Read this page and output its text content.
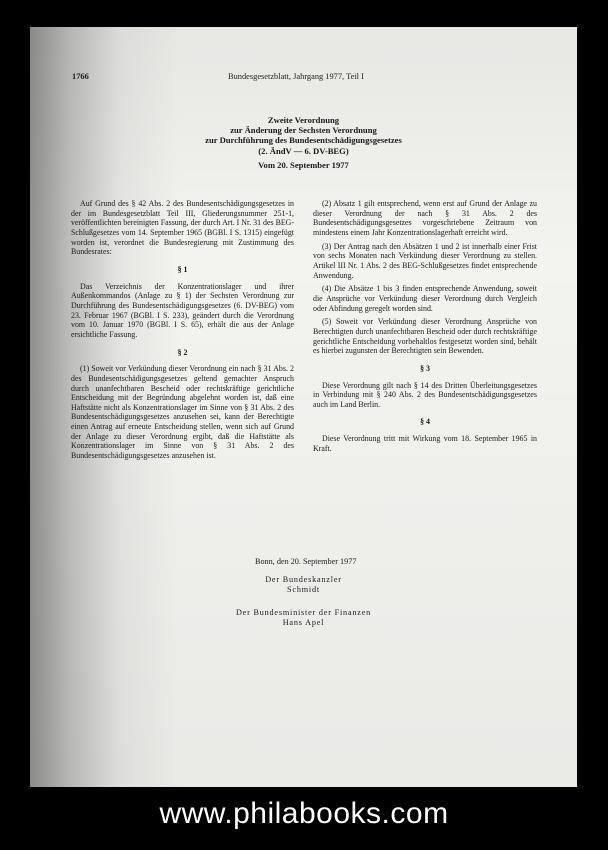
1766	Bundesgesetzblatt, Jahrgang 1977, Teil I
Zweite Verordnung
zur Änderung der Sechsten Verordnung
zur Durchführung des Bundesentschädigungsgesetzes
(2. ÄndV — 6. DV-BEG)
Vom 20. September 1977

Auf Grund des § 42 Abs. 2 des Bundesentschädigungsgesetzes in der im Bundesgesetzblatt Teil III, Gliederungsnummer 251-1, veröffentlichten bereinigten Fassung, der durch Art. I Nr. 31 des BEG-Schlußgesetzes vom 14. September 1965 (BGBl. I S. 1315) eingefügt worden ist, verordnet die Bundesregierung mit Zustimmung des Bundesrates:

§ 1

Das Verzeichnis der Konzentrationslager und ihrer Außenkommandos (Anlage zu § 1) der Sechsten Verordnung zur Durchführung des Bundesentschädigungsgesetzes (6. DV-BEG) vom 23. Februar 1967 (BGBl. I S. 233), geändert durch die Verordnung vom 10. Januar 1970 (BGBl. I S. 65), erhält die aus der Anlage ersichtliche Fassung.

§ 2

(1) Soweit vor Verkündung dieser Verordnung ein nach § 31 Abs. 2 des Bundesentschädigungsgesetzes geltend gemachter Anspruch durch unanfechtbaren Bescheid oder rechtskräftige gerichtliche Entscheidung mit der Begründung abgelehnt worden ist, daß eine Haftstätte nicht als Konzentrationslager im Sinne von § 31 Abs. 2 des Bundesentschädigungsgesetzes anzusehen sei, kann der Berechtigte einen Antrag auf erneute Entscheidung stellen, wenn sich auf Grund der Anlage zu dieser Verordnung ergibt, daß die Haftstätte als Konzentrationslager im Sinne von § 31 Abs. 2 des Bundesentschädigungsgesetzes anzusehen ist.

(2) Absatz 1 gilt entsprechend, wenn erst auf Grund der Anlage zu dieser Verordnung der nach § 31 Abs. 2 des Bundesentschädigungsgesetzes vorgeschriebene Zeitraum von mindestens einem Jahr Konzentrationslagerhaft erreicht wird.

(3) Der Antrag nach den Absätzen 1 und 2 ist innerhalb einer Frist von sechs Monaten nach Verkündung dieser Verordnung zu stellen. Artikel III Nr. 1 Abs. 2 des BEG-Schlußgesetzes findet entsprechende Anwendung.

(4) Die Absätze 1 bis 3 finden entsprechende Anwendung, soweit die Ansprüche vor Verkündung dieser Verordnung durch Vergleich oder Abfindung geregelt worden sind.

(5) Soweit vor Verkündung dieser Verordnung Ansprüche von Berechtigten durch unanfechtbaren Bescheid oder durch rechtskräftige gerichtliche Entscheidung vorbehaltlos festgesetzt worden sind, behält es hierbei zugunsten der Berechtigten sein Bewenden.

§ 3

Diese Verordnung gilt nach § 14 des Dritten Überleitungsgesetzes in Verbindung mit § 240 Abs. 2 des Bundesentschädigungsgesetzes auch im Land Berlin.

§ 4

Diese Verordnung tritt mit Wirkung vom 18. September 1965 in Kraft.

Bonn, den 20. September 1977
Der Bundeskanzler
Schmidt
Der Bundesminister der Finanzen
Hans Apel
www.philabooks.com
